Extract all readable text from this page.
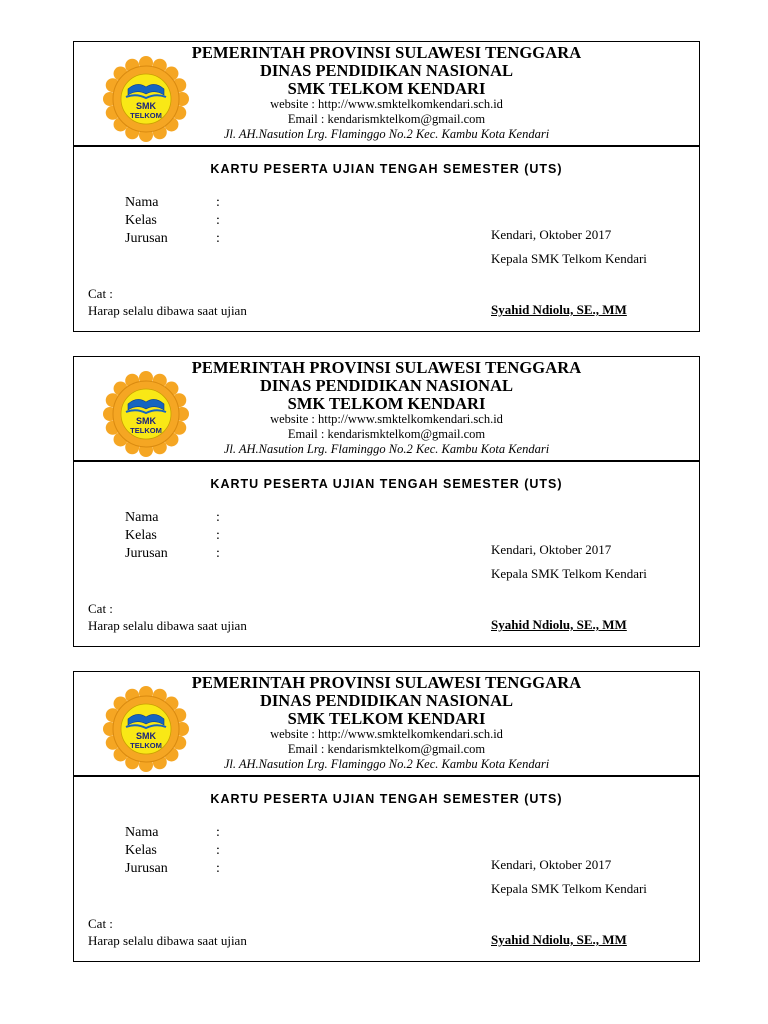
SMK
TELKOM
PEMERINTAH PROVINSI SULAWESI TENGGARA
DINAS PENDIDIKAN NASIONAL
SMK TELKOM KENDARI
website : http://www.smktelkomkendari.sch.id
Email : kendarismktelkom@gmail.com
Jl. AH.Nasution Lrg. Flaminggo No.2 Kec. Kambu Kota Kendari
KARTU PESERTA UJIAN TENGAH SEMESTER (UTS)
Nama	:
Kelas	:
Jurusan	:	Kendari, Oktober 2017
Kepala SMK Telkom Kendari
Syahid Ndiolu, SE., MM
Cat :
Harap selalu dibawa saat ujian
SMK
TELKOM
PEMERINTAH PROVINSI SULAWESI TENGGARA
DINAS PENDIDIKAN NASIONAL
SMK TELKOM KENDARI
website : http://www.smktelkomkendari.sch.id
Email : kendarismktelkom@gmail.com
Jl. AH.Nasution Lrg. Flaminggo No.2 Kec. Kambu Kota Kendari
KARTU PESERTA UJIAN TENGAH SEMESTER (UTS)
Nama	:
Kelas	:
Jurusan	:	Kendari, Oktober 2017
Kepala SMK Telkom Kendari
Syahid Ndiolu, SE., MM
Cat :
Harap selalu dibawa saat ujian
SMK
TELKOM
PEMERINTAH PROVINSI SULAWESI TENGGARA
DINAS PENDIDIKAN NASIONAL
SMK TELKOM KENDARI
website : http://www.smktelkomkendari.sch.id
Email : kendarismktelkom@gmail.com
Jl. AH.Nasution Lrg. Flaminggo No.2 Kec. Kambu Kota Kendari
KARTU PESERTA UJIAN TENGAH SEMESTER (UTS)
Nama	:
Kelas	:
Jurusan	:	Kendari, Oktober 2017
Kepala SMK Telkom Kendari
Syahid Ndiolu, SE., MM
Cat :
Harap selalu dibawa saat ujian
